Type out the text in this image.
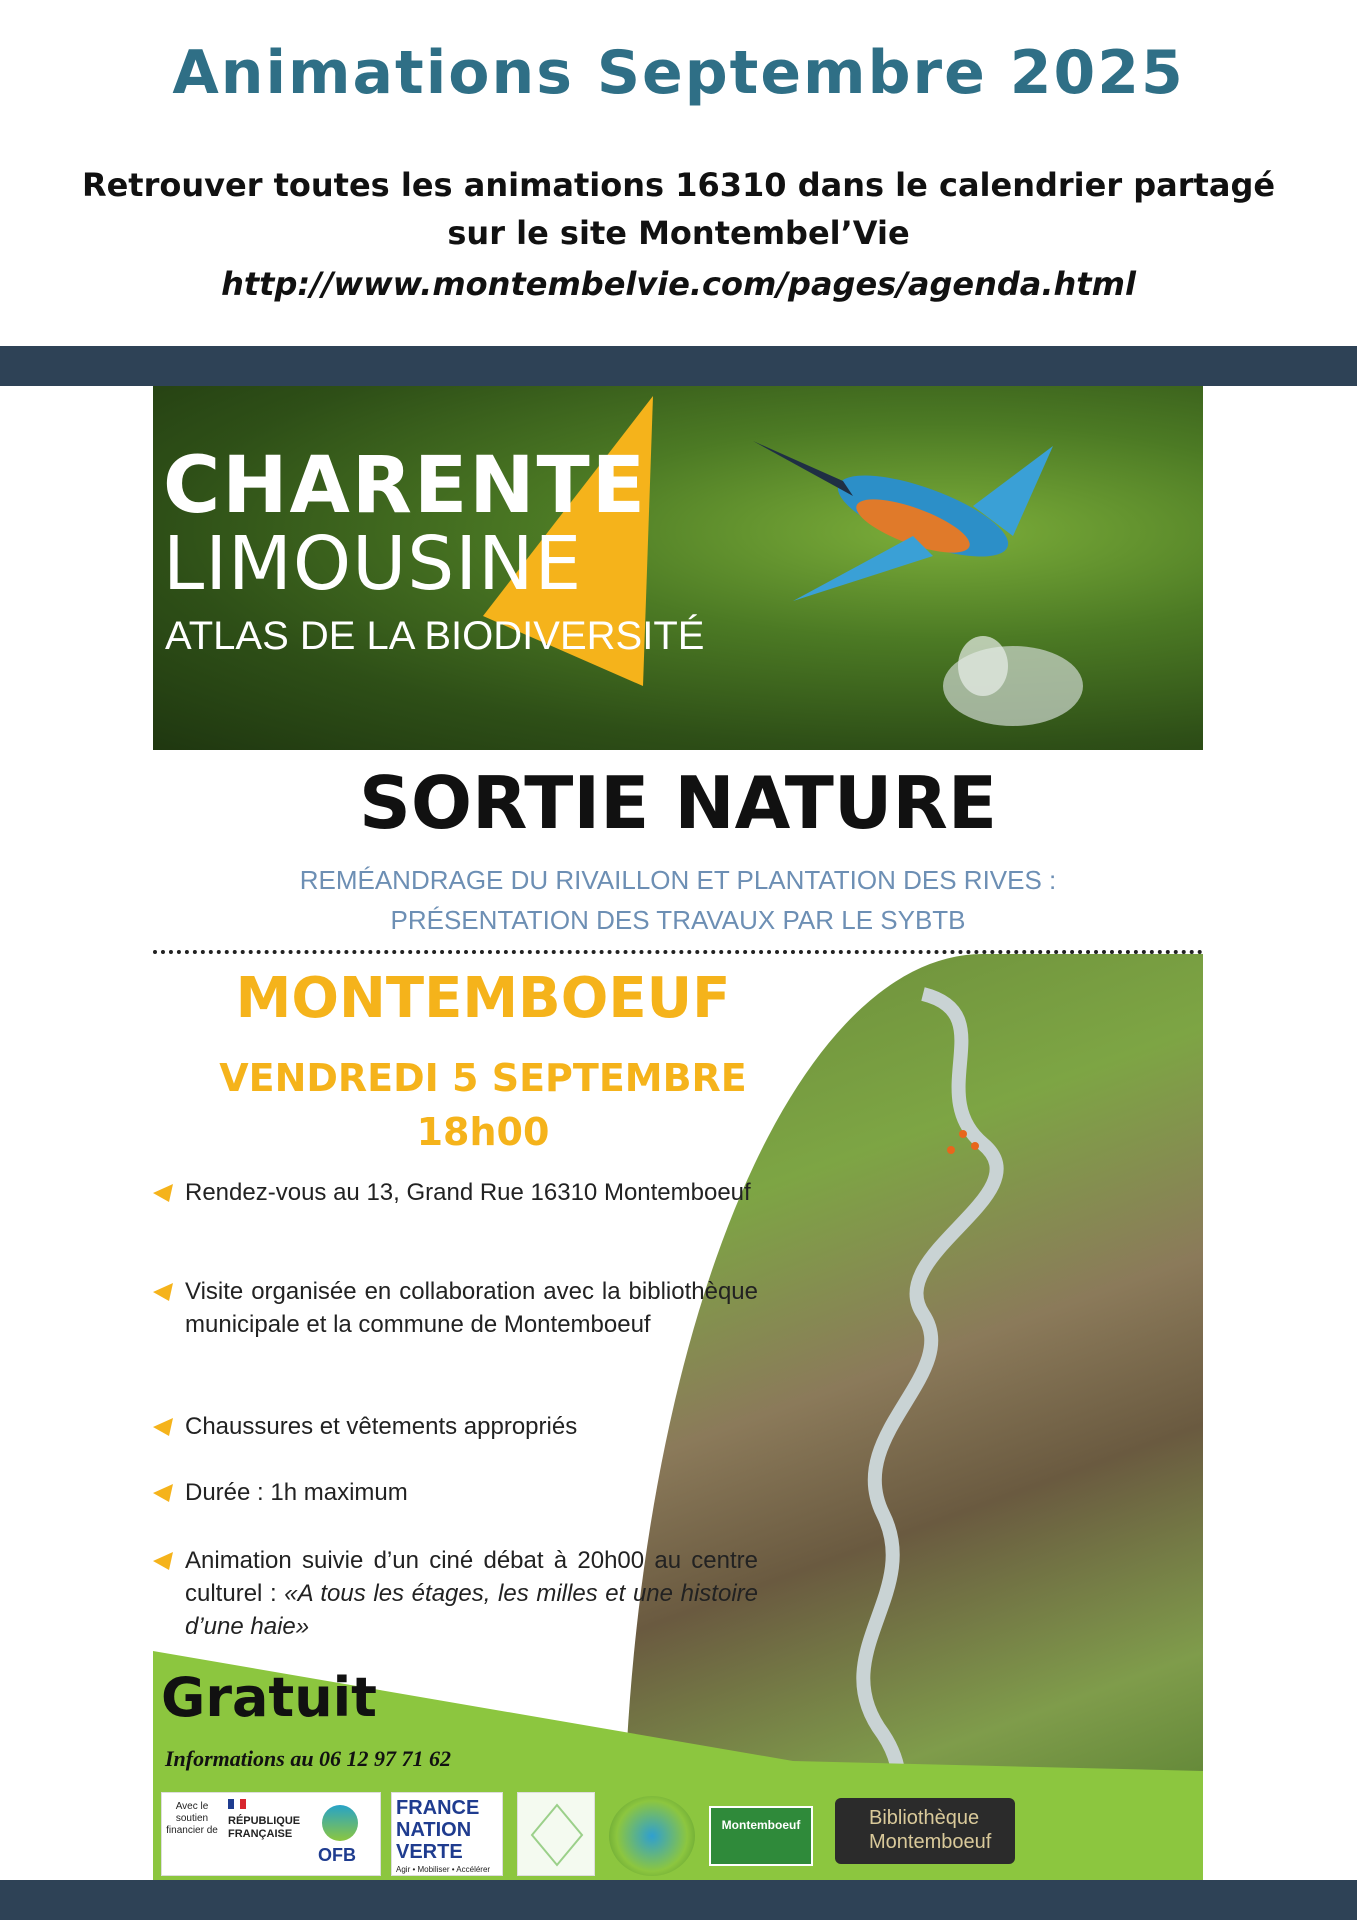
Animations Septembre 2025
Retrouver toutes les animations 16310 dans le calendrier partagé
sur le site Montembel’Vie
http://www.montembelvie.com/pages/agenda.html
CHARENTE
LIMOUSINE
ATLAS DE LA BIODIVERSITÉ
SORTIE NATURE
REMÉANDRAGE DU RIVAILLON ET PLANTATION DES RIVES :
PRÉSENTATION DES TRAVAUX PAR LE SYBTB
MONTEMBOEUF
VENDREDI 5 SEPTEMBRE
18h00
Rendez-vous au 13, Grand Rue 16310 Montemboeuf
Visite organisée en collaboration avec la bibliothèque municipale et la commune de Montemboeuf
Chaussures et vêtements appropriés
Durée : 1h maximum
Animation suivie d’un ciné débat à 20h00 au centre culturel : «A tous les étages, les milles et une histoire d’une haie»
Gratuit
Informations au 06 12 97 71 62
Avec le soutien financier de
RÉPUBLIQUE FRANÇAISE
OFB
FRANCE NATION VERTE
Agir • Mobiliser • Accélérer
Montemboeuf	Bibliothèque
Montemboeuf
